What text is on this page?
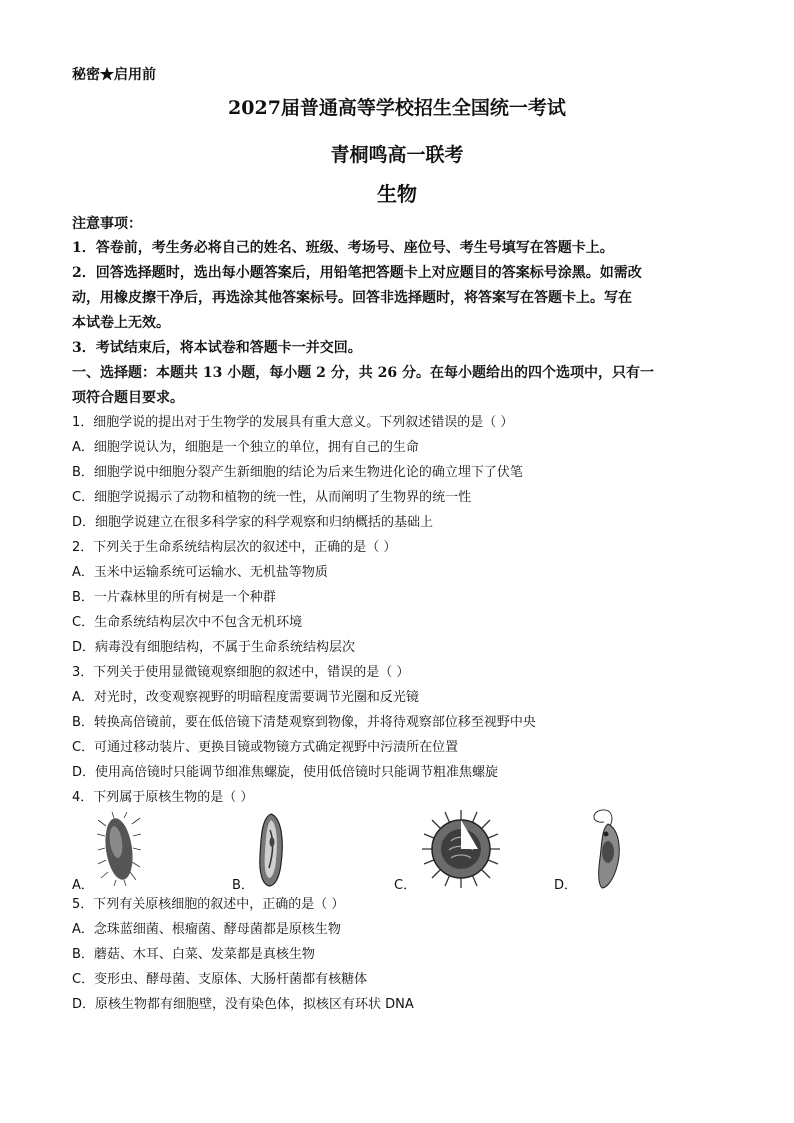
秘密★启用前
2027届普通高等学校招生全国统一考试
青桐鸣高一联考
生物
注意事项：
1．答卷前，考生务必将自己的姓名、班级、考场号、座位号、考生号填写在答题卡上。
2．回答选择题时，选出每小题答案后，用铅笔把答题卡上对应题目的答案标号涂黑。如需改
动，用橡皮擦干净后，再选涂其他答案标号。回答非选择题时，将答案写在答题卡上。写在
本试卷上无效。
3．考试结束后，将本试卷和答题卡一并交回。
一、选择题：本题共 13 小题，每小题 2 分，共 26 分。在每小题给出的四个选项中，只有一
项符合题目要求。
1．细胞学说的提出对于生物学的发展具有重大意义。下列叙述错误的是（ ）
A．细胞学说认为，细胞是一个独立的单位，拥有自己的生命
B．细胞学说中细胞分裂产生新细胞的结论为后来生物进化论的确立埋下了伏笔
C．细胞学说揭示了动物和植物的统一性，从而阐明了生物界的统一性
D．细胞学说建立在很多科学家的科学观察和归纳概括的基础上
2．下列关于生命系统结构层次的叙述中，正确的是（ ）
A．玉米中运输系统可运输水、无机盐等物质
B．一片森林里的所有树是一个种群
C．生命系统结构层次中不包含无机环境
D．病毒没有细胞结构，不属于生命系统结构层次
3．下列关于使用显微镜观察细胞的叙述中，错误的是（ ）
A．对光时，改变观察视野的明暗程度需要调节光圈和反光镜
B．转换高倍镜前，要在低倍镜下清楚观察到物像，并将待观察部位移至视野中央
C．可通过移动装片、更换目镜或物镜方式确定视野中污渍所在位置
D．使用高倍镜时只能调节细准焦螺旋，使用低倍镜时只能调节粗准焦螺旋
4．下列属于原核生物的是（ ）
A．	B．	C．	D．
5．下列有关原核细胞的叙述中，正确的是（ ）
A．念珠蓝细菌、根瘤菌、酵母菌都是原核生物
B．蘑菇、木耳、白菜、发菜都是真核生物
C．变形虫、酵母菌、支原体、大肠杆菌都有核糖体
D．原核生物都有细胞壁，没有染色体，拟核区有环状 DNA
